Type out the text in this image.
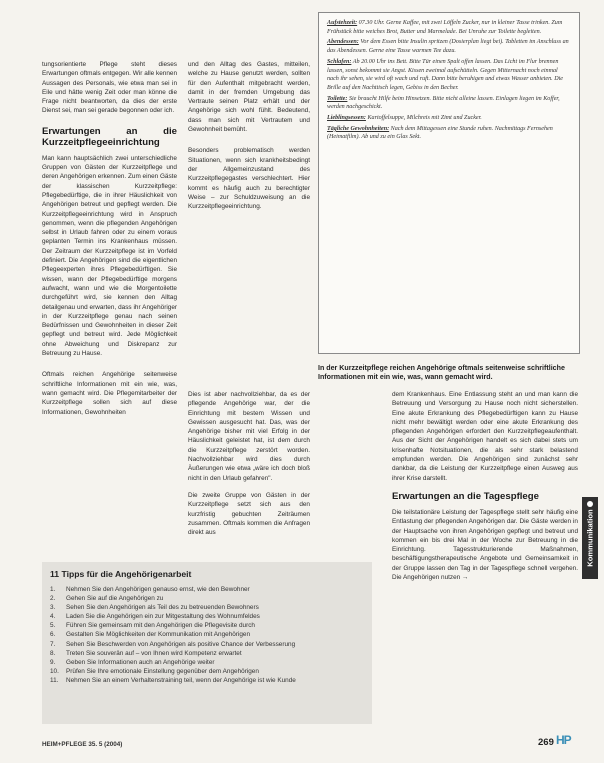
tungsorientierte Pflege steht dieses Erwartungen oftmals entgegen. Wir alle kennen Aussagen des Personals, wie etwa man sei in Eile und hätte wenig Zeit oder man könne die Frage nicht beantworten, da dies der erste Dienst sei, man sei gerade begonnen oder ich.

Erwartungen an die Kurzzeitpflegeeinrichtung

Man kann hauptsächlich zwei unterschiedliche Gruppen von Gästen der Kurzzeitpflege und deren Angehörigen erkennen. Zum einen Gäste der klassischen Kurzzeitpflege: Pflegebedürftige, die in ihrer Häuslichkeit von Angehörigen betreut und gepflegt werden. Die Kurzzeitpflegeeinrichtung wird in Anspruch genommen, wenn die pflegenden Angehörigen selbst in Urlaub fahren oder zu einem voraus geplanten Termin ins Krankenhaus müssen. Der Zeitraum der Kurzzeitpflege ist im Vorfeld definiert. Die Angehörigen sind die eigentlichen Pflegeexperten ihres Pflegebedürftigen. Sie wissen, wann der Pflegebedürftige morgens aufwacht, wann und wie die Morgentoilette durchgeführt wird, sie kennen den Alltag detailgenau und erwarten, dass ihr Angehöriger in der Kurzzeitpflege genau nach seinen Bedürfnissen und Gewohnheiten in dieser Zeit gepflegt und betreut wird. Jede Möglichkeit ohne Abweichung und Diskrepanz zur Betreuung zu Hause.

Oftmals reichen Angehörige seitenweise schriftliche Informationen mit ein wie, was, wann gemacht wird. Die Pflegemitarbeiter der Kurzzeitpflege sollen sich auf diese Informationen, Gewohnheiten

und den Alltag des Gastes, mitteilen, welche zu Hause genutzt werden, sollten für den Aufenthalt mitgebracht werden, damit in der fremden Umgebung das Vertraute seinen Platz erhält und der Angehörige sich wohl fühlt. Bedeutend, dass man sich mit Vertrautem und Gewohnheit bemüht.

Besonders problematisch werden Situationen, wenn sich krankheitsbedingt der Allgemeinzustand des Kurzzeitpflegegastes verschlechtert. Hier kommt es häufig auch zu berechtigter Weise – zur Schuldzuweisung an die Kurzzeitpflegeeinrichtung.

Dies ist aber nachvollziehbar, da es der pflegende Angehörige war, der die Einrichtung mit bestem Wissen und Gewissen ausgesucht hat. Das, was der Angehörige bisher mit viel Erfolg in der Häuslichkeit geleistet hat, ist dem durch die Kurzzeitpflege zerstört worden. Nachvollziehbar wird dies durch Äußerungen wie etwa „wäre ich doch bloß nicht in den Urlaub gefahren".

Die zweite Gruppe von Gästen in der Kurzzeitpflege setzt sich aus den kurzfristig gebuchten Zeiträumen zusammen. Oftmals kommen die Anfragen direkt aus

Aufstehzeit: 07.30 Uhr. Gerne Kaffee, mit zwei Löffeln Zucker, nur in kleiner Tasse trinken. Zum Frühstück bitte weiches Brot, Butter und Marmelade. Bei Unruhe zur Toilette begleiten.

Abendessen: Vor dem Essen bitte Insulin spritzen (Dosierplan liegt bei). Tabletten im Anschluss an das Abendessen. Gerne eine Tasse warmen Tee dazu.

Schlafen: Ab 20.00 Uhr ins Bett. Bitte Tür einen Spalt offen lassen. Das Licht im Flur brennen lassen, sonst bekommt sie Angst. Kissen zweimal aufschütteln. Gegen Mitternacht noch einmal nach ihr sehen, sie wird oft wach und ruft. Dann bitte beruhigen und etwas Wasser anbieten. Die Brille auf den Nachttisch legen, Gebiss in den Becher.

Toilette: Sie braucht Hilfe beim Hinsetzen. Bitte nicht alleine lassen. Einlagen liegen im Koffer, werden nachgeschickt.

Lieblingsessen: Kartoffelsuppe, Milchreis mit Zimt und Zucker.

Tägliche Gewohnheiten: Nach dem Mittagessen eine Stunde ruhen. Nachmittags Fernsehen (Heimatfilm). Ab und zu ein Glas Sekt.

In der Kurzzeitpflege reichen Angehörige oftmals seitenweise schriftliche Informationen mit ein wie, was, wann gemacht wird.

dem Krankenhaus. Eine Entlassung steht an und man kann die Betreuung und Versorgung zu Hause noch nicht sicherstellen. Eine akute Erkrankung des Pflegebedürftigen kann zu Hause nicht mehr bewältigt werden oder eine akute Erkrankung des pflegenden Angehörigen erfordert den Kurzzeitpflegeaufenthalt. Aus der Sicht der Angehörigen handelt es sich dabei stets um krisenhafte Notsituationen, die als sehr stark belastend empfunden werden. Die Angehörigen sind zunächst sehr dankbar, da die Leistung der Kurzzeitpflege einen Ausweg aus ihrer Krise darstellt.

Erwartungen an die Tagespflege

Die teilstationäre Leistung der Tagespflege stellt sehr häufig eine Entlastung der pflegenden Angehörigen dar. Die Gäste werden in der Hauptsache von ihren Angehörigen gepflegt und betreut und kommen ein bis drei Mal in der Woche zur Betreuung in die Einrichtung. Tagesstrukturierende Maßnahmen, beschäftigungstherapeutische Angebote und Gemeinsamkeit in der Gruppe lassen den Tag in der Tagespflege schnell vergehen. Die Angehörigen nutzen →

11 Tipps für die Angehörigenarbeit
1.	Nehmen Sie den Angehörigen genauso ernst, wie den Bewohner
2.	Gehen Sie auf die Angehörigen zu
3.	Sehen Sie den Angehörigen als Teil des zu betreuenden Bewohners
4.	Laden Sie die Angehörigen ein zur Mitgestaltung des Wohnumfeldes
5.	Führen Sie gemeinsam mit den Angehörigen die Pflegevisite durch
6.	Gestalten Sie Möglichkeiten der Kommunikation mit Angehörigen
7.	Sehen Sie Beschwerden von Angehörigen als positive Chance der Verbesserung
8.	Treten Sie souverän auf – von Ihnen wird Kompetenz erwartet
9.	Geben Sie Informationen auch an Angehörige weiter
10.	Prüfen Sie Ihre emotionale Einstellung gegenüber dem Angehörigen
11.	Nehmen Sie an einem Verhaltenstraining teil, wenn der Angehörige ist wie Kunde
Kommunikation
HEIM+PFLEGE 35. 5 (2004)	269 HP
